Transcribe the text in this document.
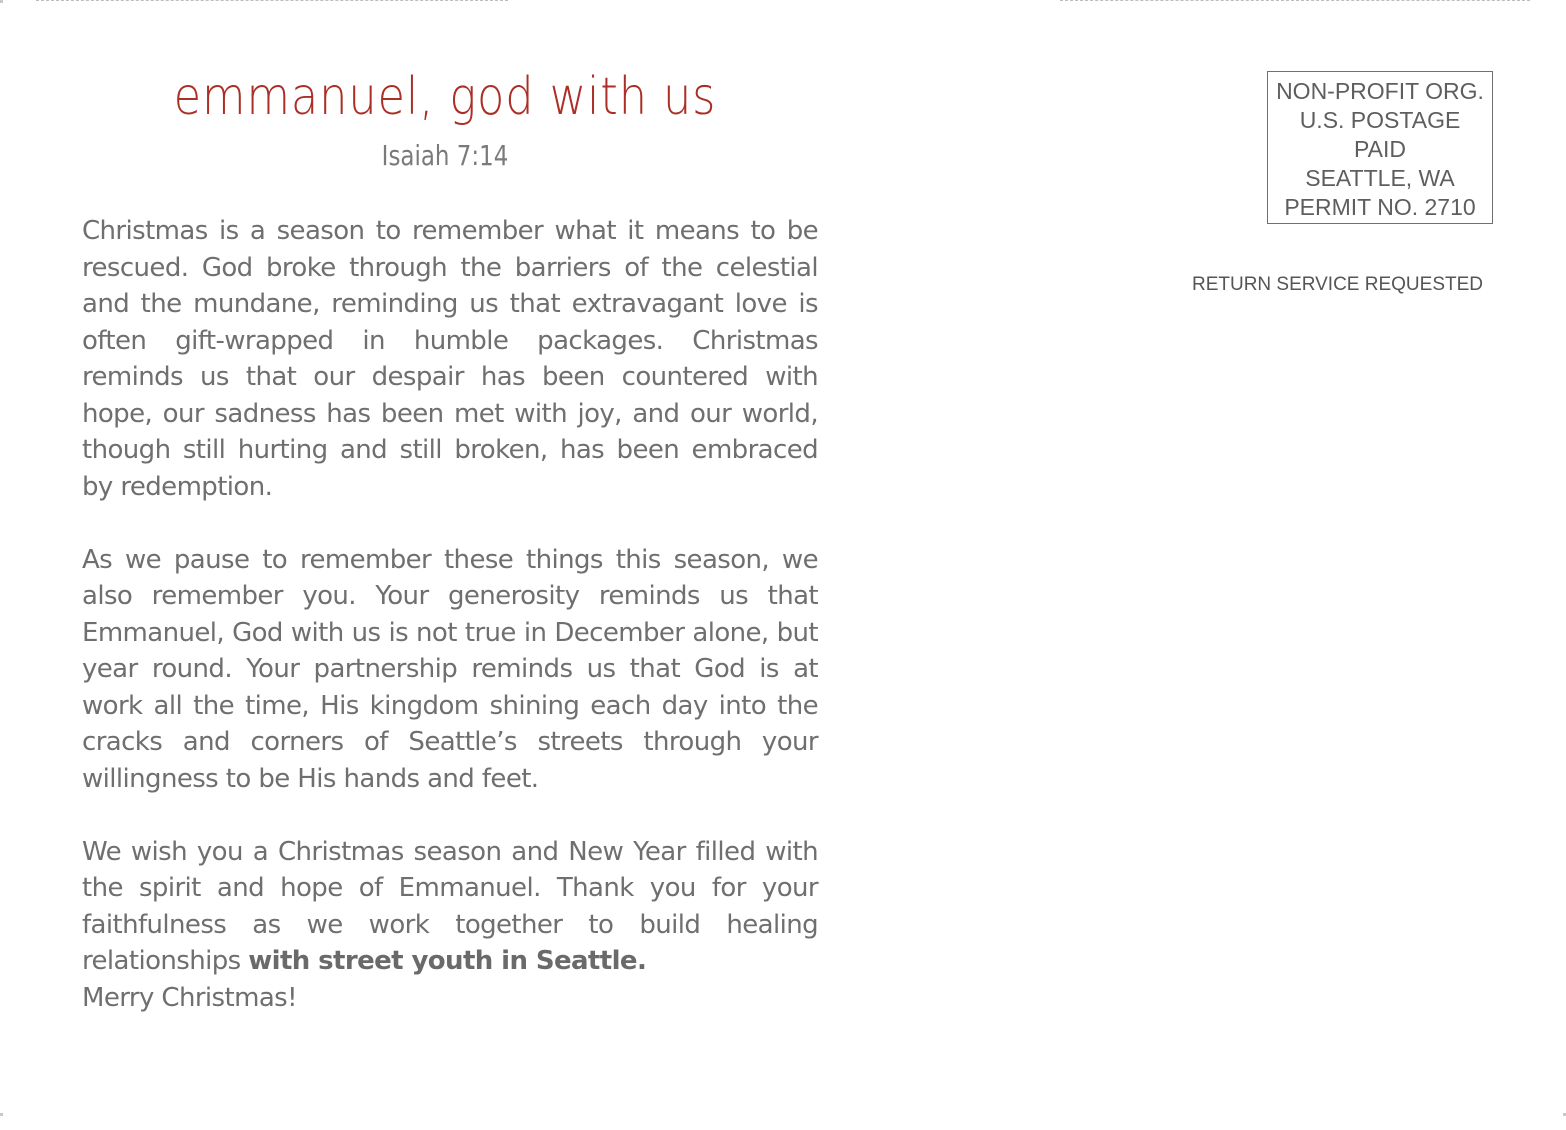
emmanuel, god with us
Isaiah 7:14

Christmas is a season to remember what it means to be rescued. God broke through the barriers of the celestial and the mundane, reminding us that extravagant love is often gift-wrapped in humble packages. Christmas reminds us that our despair has been countered with hope, our sadness has been met with joy, and our world, though still hurting and still broken, has been embraced by redemption.

As we pause to remember these things this season, we also remember you. Your generosity reminds us that Emmanuel, God with us is not true in December alone, but year round. Your partnership reminds us that God is at work all the time, His kingdom shining each day into the cracks and corners of Seattle’s streets through your willingness to be His hands and feet.

We wish you a Christmas season and New Year filled with the spirit and hope of Emmanuel. Thank you for your faithfulness as we work together to build healing relationships with street youth in Seattle.
Merry Christmas!

NON-PROFIT ORG.
U.S. POSTAGE
PAID
SEATTLE, WA
PERMIT NO. 2710
RETURN SERVICE REQUESTED
